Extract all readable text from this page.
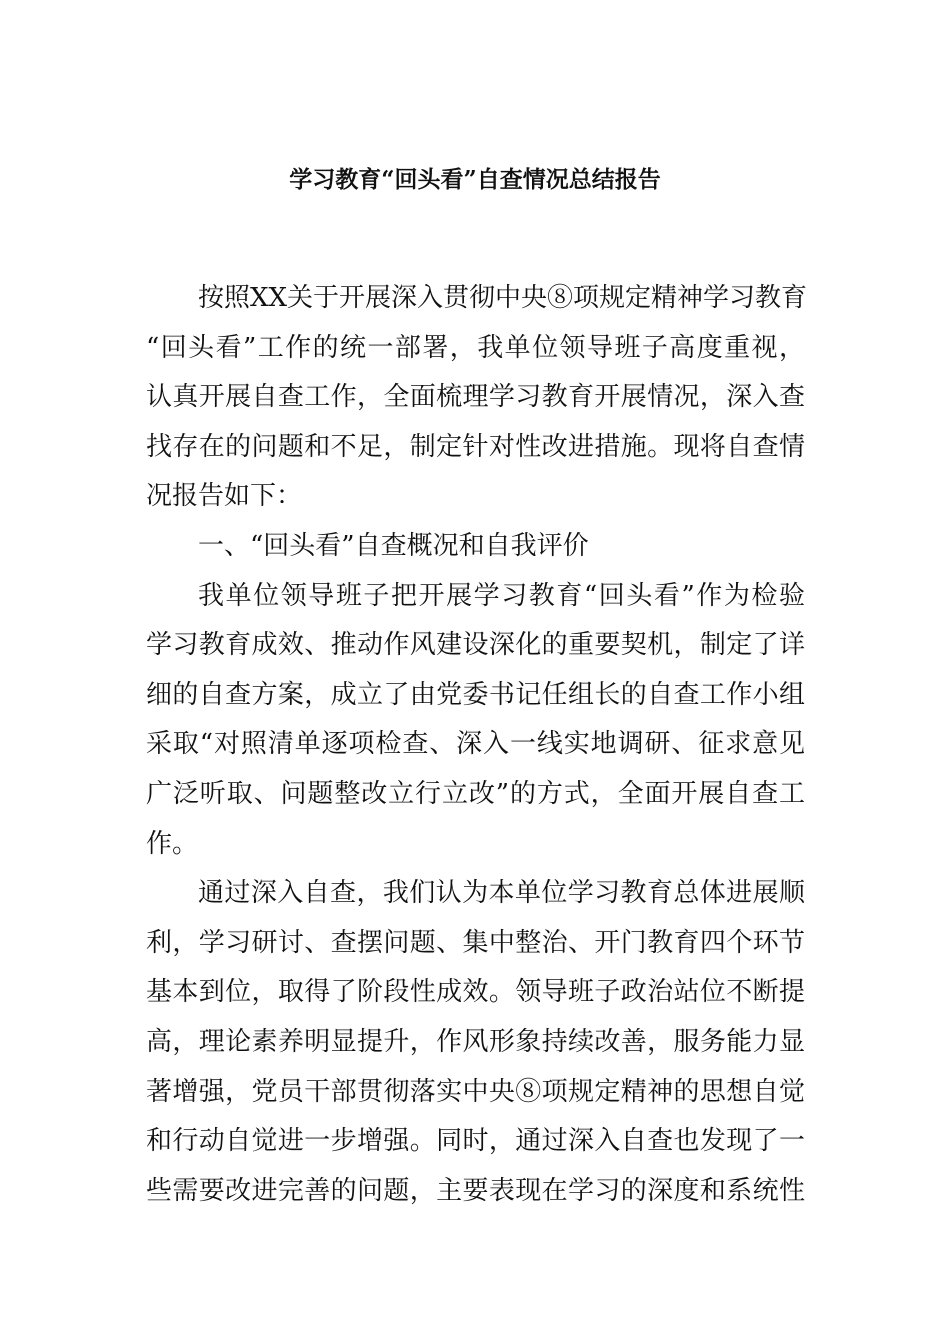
学习教育“回头看”自查情况总结报告
按照XX关于开展深入贯彻中央⑧项规定精神学习教育
“回头看”工作的统一部署，我单位领导班子高度重视，
认真开展自查工作，全面梳理学习教育开展情况，深入查
找存在的问题和不足，制定针对性改进措施。现将自查情
况报告如下：
一、“回头看”自查概况和自我评价
我单位领导班子把开展学习教育“回头看”作为检验
学习教育成效、推动作风建设深化的重要契机，制定了详
细的自查方案，成立了由党委书记任组长的自查工作小组
采取“对照清单逐项检查、深入一线实地调研、征求意见
广泛听取、问题整改立行立改”的方式，全面开展自查工
作。
通过深入自查，我们认为本单位学习教育总体进展顺
利，学习研讨、查摆问题、集中整治、开门教育四个环节
基本到位，取得了阶段性成效。领导班子政治站位不断提
高，理论素养明显提升，作风形象持续改善，服务能力显
著增强，党员干部贯彻落实中央⑧项规定精神的思想自觉
和行动自觉进一步增强。同时，通过深入自查也发现了一
些需要改进完善的问题，主要表现在学习的深度和系统性
